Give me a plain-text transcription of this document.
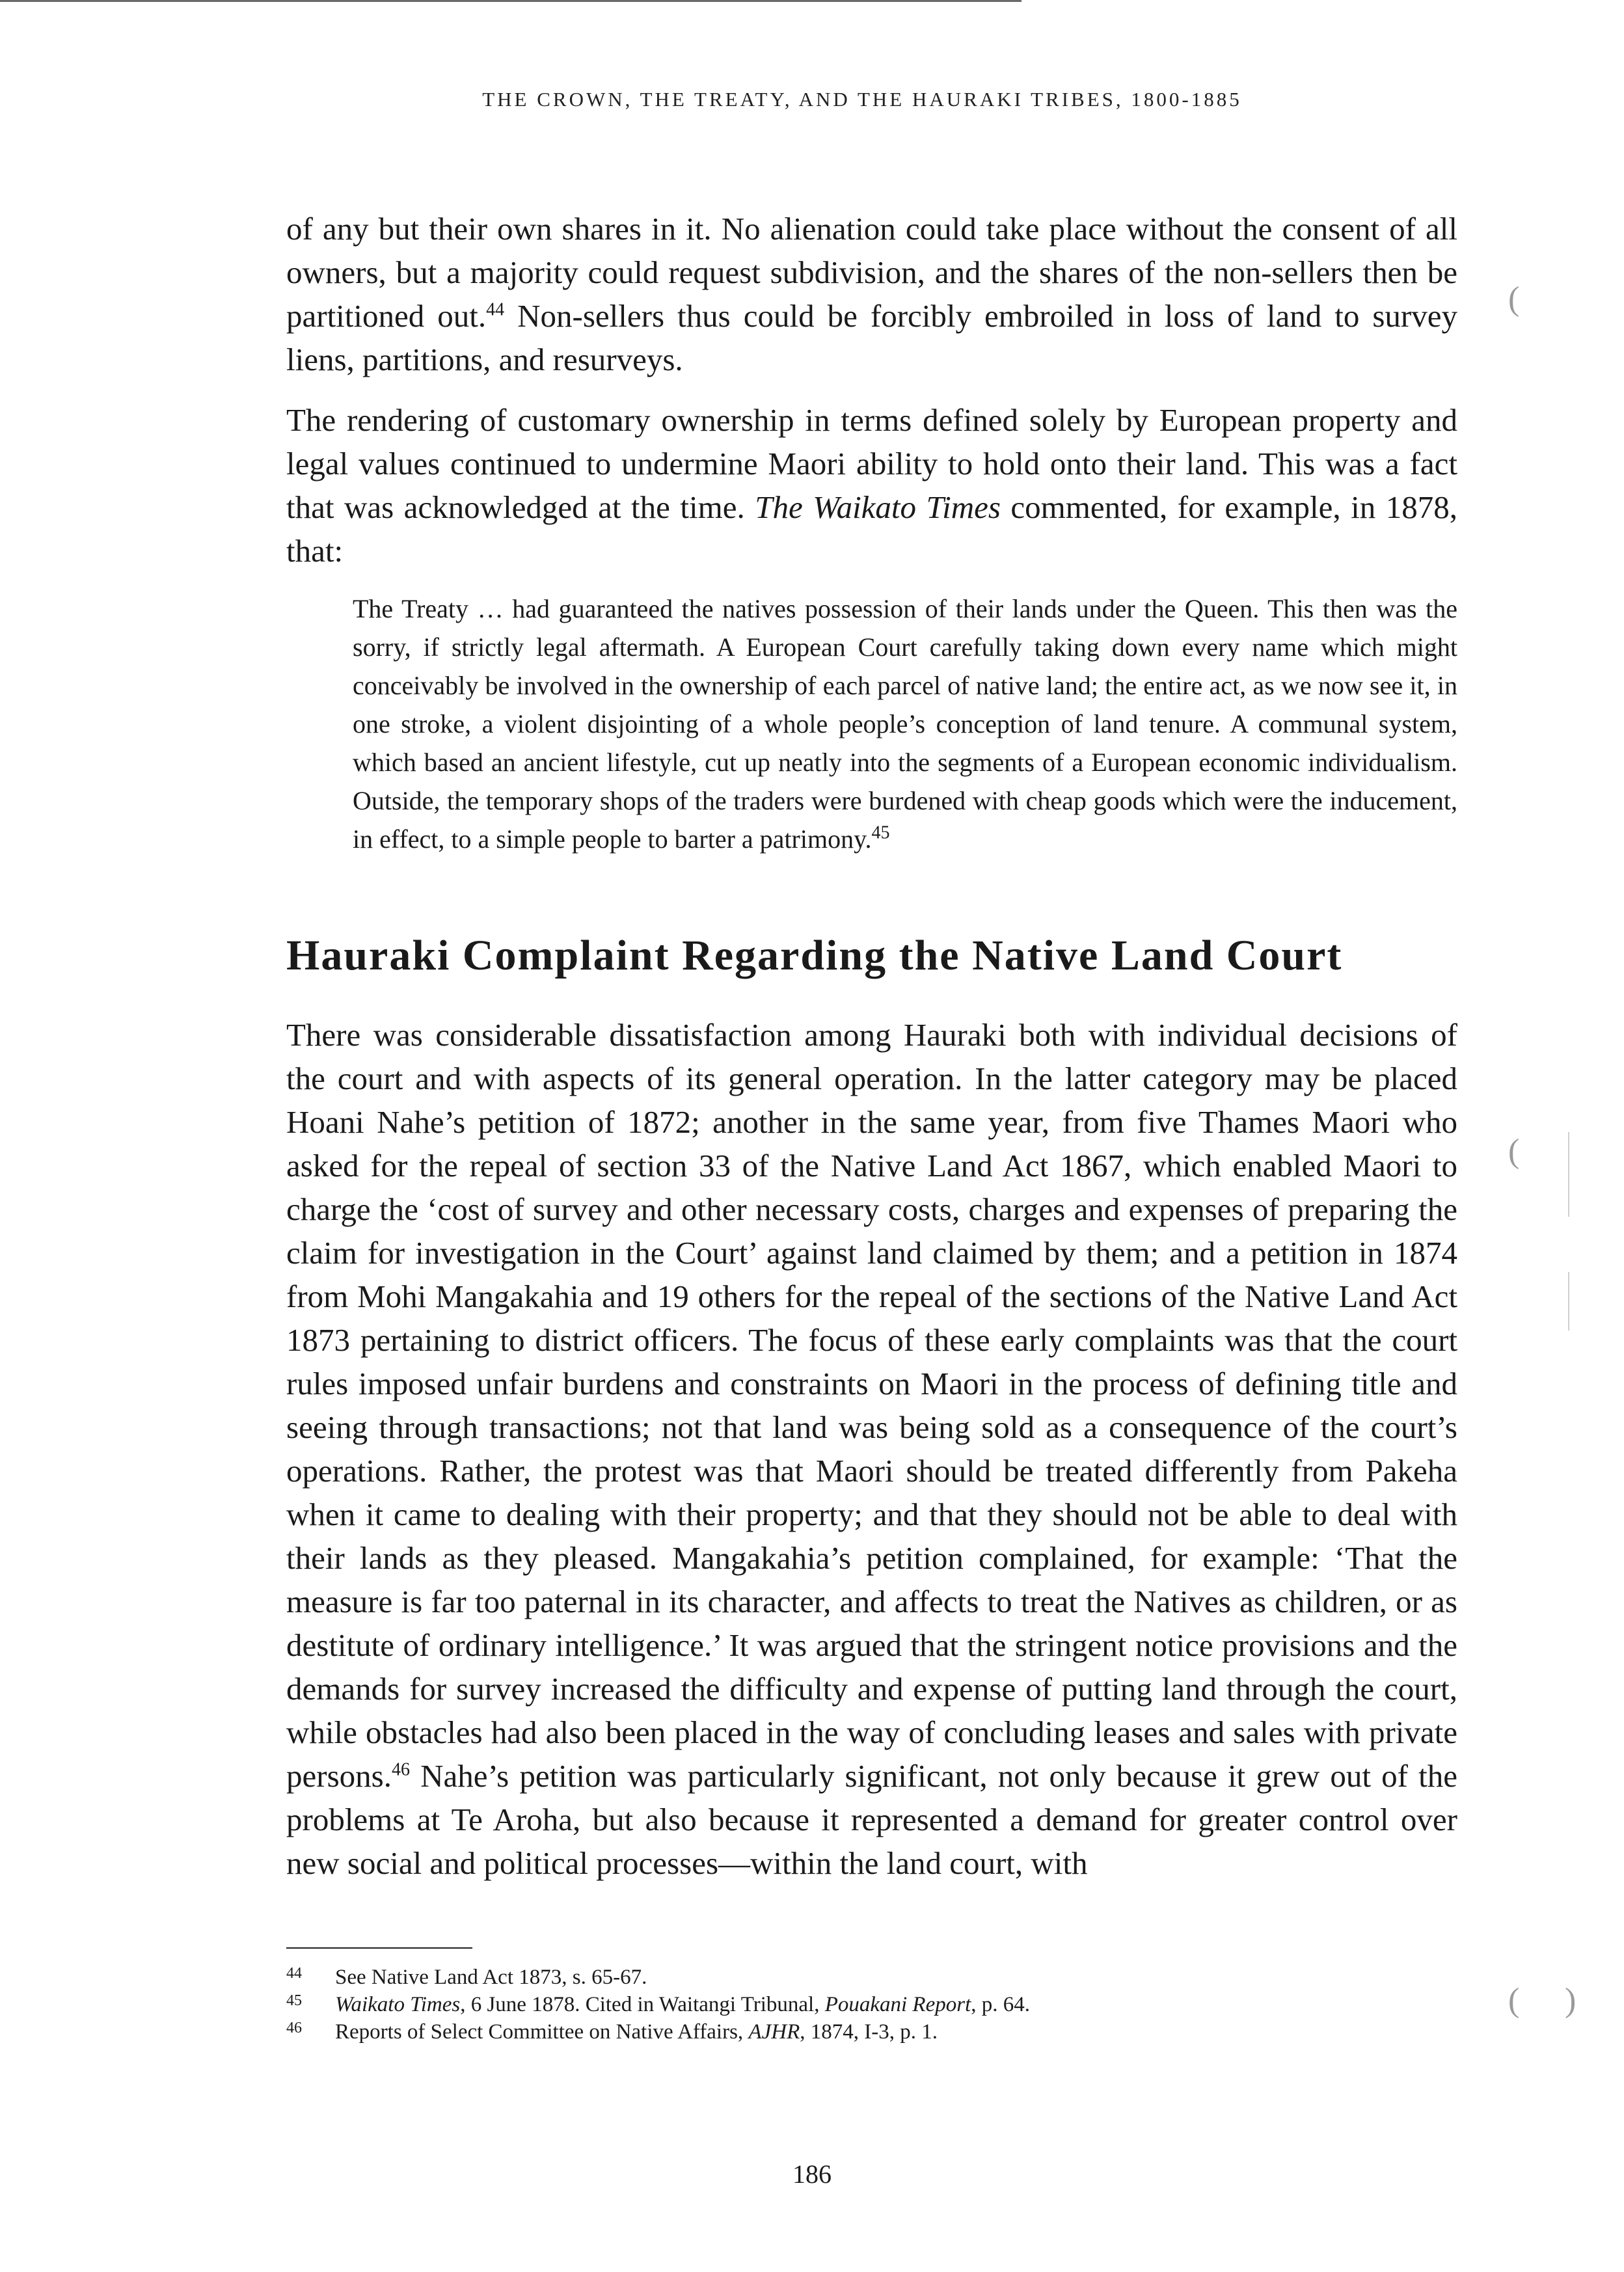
THE CROWN, THE TREATY, AND THE HAURAKI TRIBES, 1800-1885

of any but their own shares in it. No alienation could take place without the consent of all owners, but a majority could request subdivision, and the shares of the non-sellers then be partitioned out.$^{44}$ Non-sellers thus could be forcibly embroiled in loss of land to survey liens, partitions, and resurveys.

The rendering of customary ownership in terms defined solely by European property and legal values continued to undermine Maori ability to hold onto their land. This was a fact that was acknowledged at the time. The Waikato Times commented, for example, in 1878, that:

The Treaty … had guaranteed the natives possession of their lands under the Queen. This then was the sorry, if strictly legal aftermath. A European Court carefully taking down every name which might conceivably be involved in the ownership of each parcel of native land; the entire act, as we now see it, in one stroke, a violent disjointing of a whole people’s conception of land tenure. A communal system, which based an ancient lifestyle, cut up neatly into the segments of a European economic individualism. Outside, the temporary shops of the traders were burdened with cheap goods which were the inducement, in effect, to a simple people to barter a patrimony.$^{45}$

Hauraki Complaint Regarding the Native Land Court

There was considerable dissatisfaction among Hauraki both with individual decisions of the court and with aspects of its general operation. In the latter category may be placed Hoani Nahe’s petition of 1872; another in the same year, from five Thames Maori who asked for the repeal of section 33 of the Native Land Act 1867, which enabled Maori to charge the ‘cost of survey and other necessary costs, charges and expenses of preparing the claim for investigation in the Court’ against land claimed by them; and a petition in 1874 from Mohi Mangakahia and 19 others for the repeal of the sections of the Native Land Act 1873 pertaining to district officers. The focus of these early complaints was that the court rules imposed unfair burdens and constraints on Maori in the process of defining title and seeing through transactions; not that land was being sold as a consequence of the court’s operations. Rather, the protest was that Maori should be treated differently from Pakeha when it came to dealing with their property; and that they should not be able to deal with their lands as they pleased. Mangakahia’s petition complained, for example: ‘That the measure is far too paternal in its character, and affects to treat the Natives as children, or as destitute of ordinary intelligence.’ It was argued that the stringent notice provisions and the demands for survey increased the difficulty and expense of putting land through the court, while obstacles had also been placed in the way of concluding leases and sales with private persons.$^{46}$ Nahe’s petition was particularly significant, not only because it grew out of the problems at Te Aroha, but also because it represented a demand for greater control over new social and political processes—within the land court, with

44	See Native Land Act 1873, s. 65-67.
45	Waikato Times, 6 June 1878. Cited in Waitangi Tribunal, Pouakani Report, p. 64.
46	Reports of Select Committee on Native Affairs, AJHR, 1874, I-3, p. 1.

186

(
(
( )
